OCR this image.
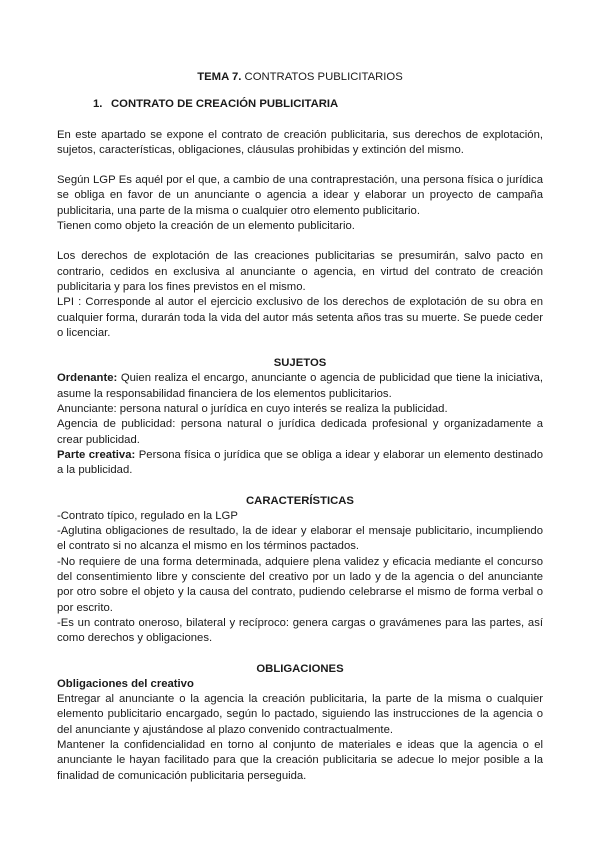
TEMA 7. CONTRATOS PUBLICITARIOS
1. CONTRATO DE CREACIÓN PUBLICITARIA

En este apartado se expone el contrato de creación publicitaria, sus derechos de explotación, sujetos, características, obligaciones, cláusulas prohibidas y extinción del mismo.

Según LGP Es aquél por el que, a cambio de una contraprestación, una persona física o jurídica se obliga en favor de un anunciante o agencia a idear y elaborar un proyecto de campaña publicitaria, una parte de la misma o cualquier otro elemento publicitario.

Tienen como objeto la creación de un elemento publicitario.

Los derechos de explotación de las creaciones publicitarias se presumirán, salvo pacto en contrario, cedidos en exclusiva al anunciante o agencia, en virtud del contrato de creación publicitaria y para los fines previstos en el mismo.

LPI : Corresponde al autor el ejercicio exclusivo de los derechos de explotación de su obra en cualquier forma, durarán toda la vida del autor más setenta años tras su muerte. Se puede ceder o licenciar.

SUJETOS

Ordenante: Quien realiza el encargo, anunciante o agencia de publicidad que tiene la iniciativa, asume la responsabilidad financiera de los elementos publicitarios.

Anunciante: persona natural o jurídica en cuyo interés se realiza la publicidad.

Agencia de publicidad: persona natural o jurídica dedicada profesional y organizadamente a crear publicidad.

Parte creativa: Persona física o jurídica que se obliga a idear y elaborar un elemento destinado a la publicidad.

CARACTERÍSTICAS

-Contrato típico, regulado en la LGP

-Aglutina obligaciones de resultado, la de idear y elaborar el mensaje publicitario, incumpliendo el contrato si no alcanza el mismo en los términos pactados.

-No requiere de una forma determinada, adquiere plena validez y eficacia mediante el concurso del consentimiento libre y consciente del creativo por un lado y de la agencia o del anunciante por otro sobre el objeto y la causa del contrato, pudiendo celebrarse el mismo de forma verbal o por escrito.

-Es un contrato oneroso, bilateral y recíproco: genera cargas o gravámenes para las partes, así como derechos y obligaciones.

OBLIGACIONES
Obligaciones del creativo

Entregar al anunciante o la agencia la creación publicitaria, la parte de la misma o cualquier elemento publicitario encargado, según lo pactado, siguiendo las instrucciones de la agencia o del anunciante y ajustándose al plazo convenido contractualmente.

Mantener la confidencialidad en torno al conjunto de materiales e ideas que la agencia o el anunciante le hayan facilitado para que la creación publicitaria se adecue lo mejor posible a la finalidad de comunicación publicitaria perseguida.
